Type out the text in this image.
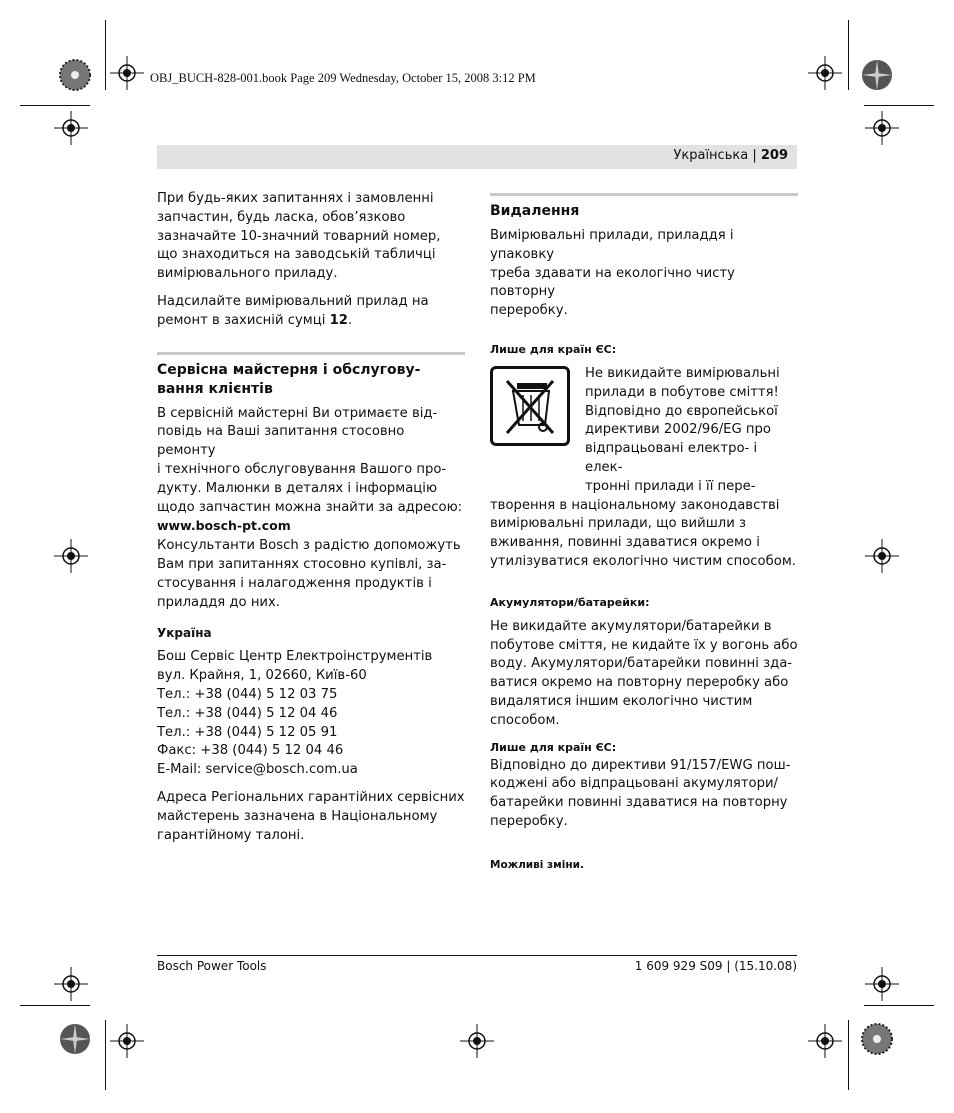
OBJ_BUCH-828-001.book Page 209 Wednesday, October 15, 2008 3:12 PM
Українська | 209

При будь-яких запитаннях і замовленні
запчастин, будь ласка, обов’язково
зазначайте 10-значний товарний номер,
що знаходиться на заводській табличці
вимірювального приладу.

Надсилайте вимірювальний прилад на
ремонт в захисній сумці 12.

Сервісна майстерня і обслугову-
вання клієнтів

В сервісній майстерні Ви отримаєте від-
повідь на Ваші запитання стосовно ремонту
і технічного обслуговування Вашого про-
дукту. Малюнки в деталях і інформацію
щодо запчастин можна знайти за адресою:
www.bosch-pt.com
Консультанти Bosch з радістю допоможуть
Вам при запитаннях стосовно купівлі, за-
стосування і налагодження продуктів і
приладдя до них.

Україна
Бош Сервіс Центр Електроінструментів
вул. Крайня, 1, 02660, Київ-60
Тел.: +38 (044) 5 12 03 75
Тел.: +38 (044) 5 12 04 46
Тел.: +38 (044) 5 12 05 91
Факс: +38 (044) 5 12 04 46
E-Mail: service@bosch.com.ua

Адреса Регіональних гарантійних сервісних
майстерень зазначена в Національному
гарантійному талоні.

Видалення

Вимірювальні прилади, приладдя і упаковку
треба здавати на екологічно чисту повторну
переробку.

Лише для країн ЄС:
Не викидайте вимірювальні
прилади в побутове сміття!
Відповідно до європейської
директиви 2002/96/EG про
відпрацьовані електро- і елек-
тронні прилади і її пере-

творення в національному законодавстві
вимірювальні прилади, що вийшли з
вживання, повинні здаватися окремо і
утилізуватися екологічно чистим способом.

Акумулятори/батарейки:

Не викидайте акумулятори/батарейки в
побутове сміття, не кидайте їх у вогонь або
воду. Акумулятори/батарейки повинні зда-
ватися окремо на повторну переробку або
видалятися іншим екологічно чистим
способом.

Лише для країн ЄС:

Відповідно до директиви 91/157/EWG пош-
коджені або відпрацьовані акумулятори/
батарейки повинні здаватися на повторну
переробку.

Можливі зміни.
Bosch Power Tools	1 609 929 S09 | (15.10.08)
